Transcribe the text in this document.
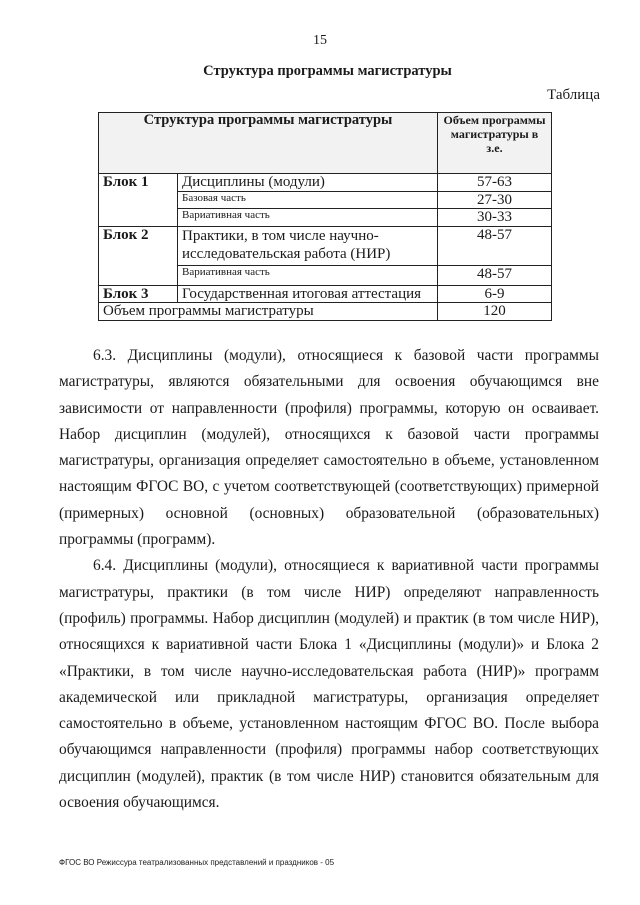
15
Структура программы магистратуры
Таблица
Структура программы магистратуры		Объем программы магистратуры в з.е.
Блок 1	Дисциплины (модули)	57-63
	Базовая часть	27-30
	Вариативная часть	30-33
Блок 2	Практики, в том числе научно-исследовательская работа (НИР)	48-57
	Вариативная часть	48-57
Блок 3	Государственная итоговая аттестация	6-9
Объем программы магистратуры		120

6.3. Дисциплины (модули), относящиеся к базовой части программы магистратуры, являются обязательными для освоения обучающимся вне зависимости от направленности (профиля) программы, которую он осваивает. Набор дисциплин (модулей), относящихся к базовой части программы магистратуры, организация определяет самостоятельно в объеме, установленном настоящим ФГОС ВО, с учетом соответствующей (соответствующих) примерной (примерных) основной (основных) образовательной (образовательных) программы (программ).

6.4. Дисциплины (модули), относящиеся к вариативной части программы магистратуры, практики (в том числе НИР) определяют направленность (профиль) программы. Набор дисциплин (модулей) и практик (в том числе НИР), относящихся к вариативной части Блока 1 «Дисциплины (модули)» и Блока 2 «Практики, в том числе научно-исследовательская работа (НИР)» программ академической или прикладной магистратуры, организация определяет самостоятельно в объеме, установленном настоящим ФГОС ВО. После выбора обучающимся направленности (профиля) программы набор соответствующих дисциплин (модулей), практик (в том числе НИР) становится обязательным для освоения обучающимся.

ФГОС ВО Режиссура театрализованных представлений и праздников - 05
